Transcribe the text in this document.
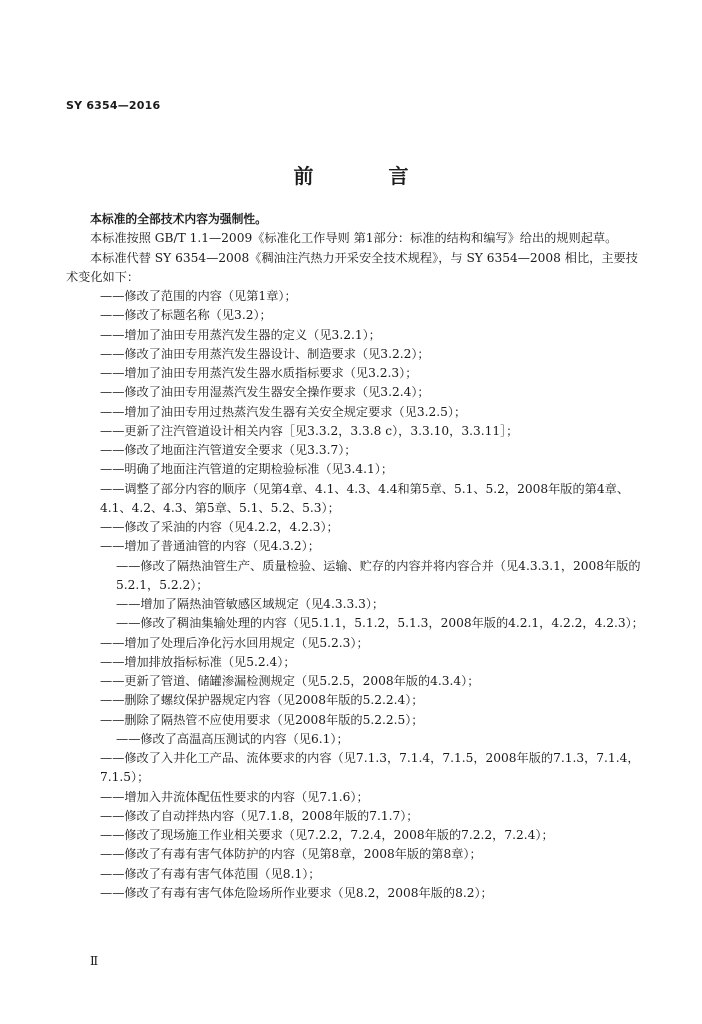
SY 6354—2016
前 言

本标准的全部技术内容为强制性。

本标准按照 GB/T 1.1—2009《标准化工作导则 第1部分：标准的结构和编写》给出的规则起草。

本标准代替 SY 6354—2008《稠油注汽热力开采安全技术规程》，与 SY 6354—2008 相比，主要技术变化如下：

——修改了范围的内容（见第1章）；

——修改了标题名称（见3.2）；

——增加了油田专用蒸汽发生器的定义（见3.2.1）；

——修改了油田专用蒸汽发生器设计、制造要求（见3.2.2）；

——增加了油田专用蒸汽发生器水质指标要求（见3.2.3）；

——修改了油田专用湿蒸汽发生器安全操作要求（见3.2.4）；

——增加了油田专用过热蒸汽发生器有关安全规定要求（见3.2.5）；

——更新了注汽管道设计相关内容［见3.3.2，3.3.8 c），3.3.10，3.3.11］；

——修改了地面注汽管道安全要求（见3.3.7）；

——明确了地面注汽管道的定期检验标准（见3.4.1）；

——调整了部分内容的顺序（见第4章、4.1、4.3、4.4和第5章、5.1、5.2，2008年版的第4章、4.1、4.2、4.3、第5章、5.1、5.2、5.3）；

——修改了采油的内容（见4.2.2，4.2.3）；

——增加了普通油管的内容（见4.3.2）；

——修改了隔热油管生产、质量检验、运输、贮存的内容并将内容合并（见4.3.3.1，2008年版的5.2.1，5.2.2）；

——增加了隔热油管敏感区域规定（见4.3.3.3）；

——修改了稠油集输处理的内容（见5.1.1，5.1.2，5.1.3，2008年版的4.2.1，4.2.2，4.2.3）；

——增加了处理后净化污水回用规定（见5.2.3）；

——增加排放指标标准（见5.2.4）；

——更新了管道、储罐渗漏检测规定（见5.2.5，2008年版的4.3.4）；

——删除了螺纹保护器规定内容（见2008年版的5.2.2.4）；

——删除了隔热管不应使用要求（见2008年版的5.2.2.5）；

——修改了高温高压测试的内容（见6.1）；

——修改了入井化工产品、流体要求的内容（见7.1.3，7.1.4，7.1.5，2008年版的7.1.3，7.1.4，7.1.5）；

——增加入井流体配伍性要求的内容（见7.1.6）；

——修改了自动拌热内容（见7.1.8，2008年版的7.1.7）；

——修改了现场施工作业相关要求（见7.2.2，7.2.4，2008年版的7.2.2，7.2.4）；

——修改了有毒有害气体防护的内容（见第8章，2008年版的第8章）；

——修改了有毒有害气体范围（见8.1）；

——修改了有毒有害气体危险场所作业要求（见8.2，2008年版的8.2）；

Ⅱ
